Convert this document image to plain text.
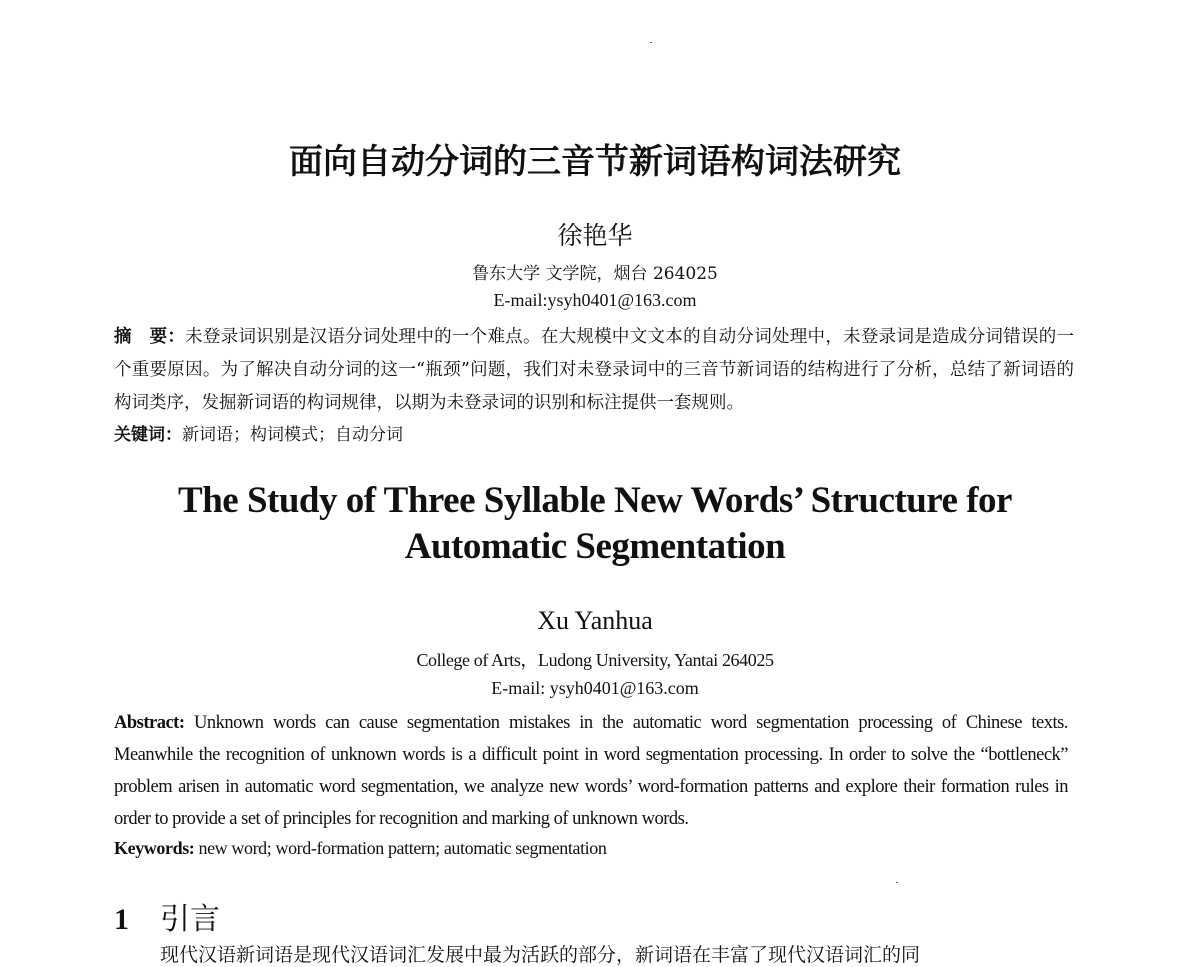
面向自动分词的三音节新词语构词法研究
徐艳华
鲁东大学 文学院，烟台 264025
E-mail:ysyh0401@163.com
摘　要：未登录词识别是汉语分词处理中的一个难点。在大规模中文文本的自动分词处理中，未登录词是造成分词错误的一个重要原因。为了解决自动分词的这一“瓶颈”问题，我们对未登录词中的三音节新词语的结构进行了分析，总结了新词语的构词类序，发掘新词语的构词规律，以期为未登录词的识别和标注提供一套规则。
关键词：新词语；构词模式；自动分词
The Study of Three Syllable New Words’ Structure for
Automatic Segmentation
Xu Yanhua
College of Arts，Ludong University, Yantai 264025
E-mail: ysyh0401@163.com
Abstract: Unknown words can cause segmentation mistakes in the automatic word segmentation processing of Chinese texts. Meanwhile the recognition of unknown words is a difficult point in word segmentation processing. In order to solve the “bottleneck” problem arisen in automatic word segmentation, we analyze new words’ word-formation patterns and explore their formation rules in order to provide a set of principles for recognition and marking of unknown words.
Keywords: new word; word-formation pattern; automatic segmentation
1 引言
现代汉语新词语是现代汉语词汇发展中最为活跃的部分，新词语在丰富了现代汉语词汇的同
